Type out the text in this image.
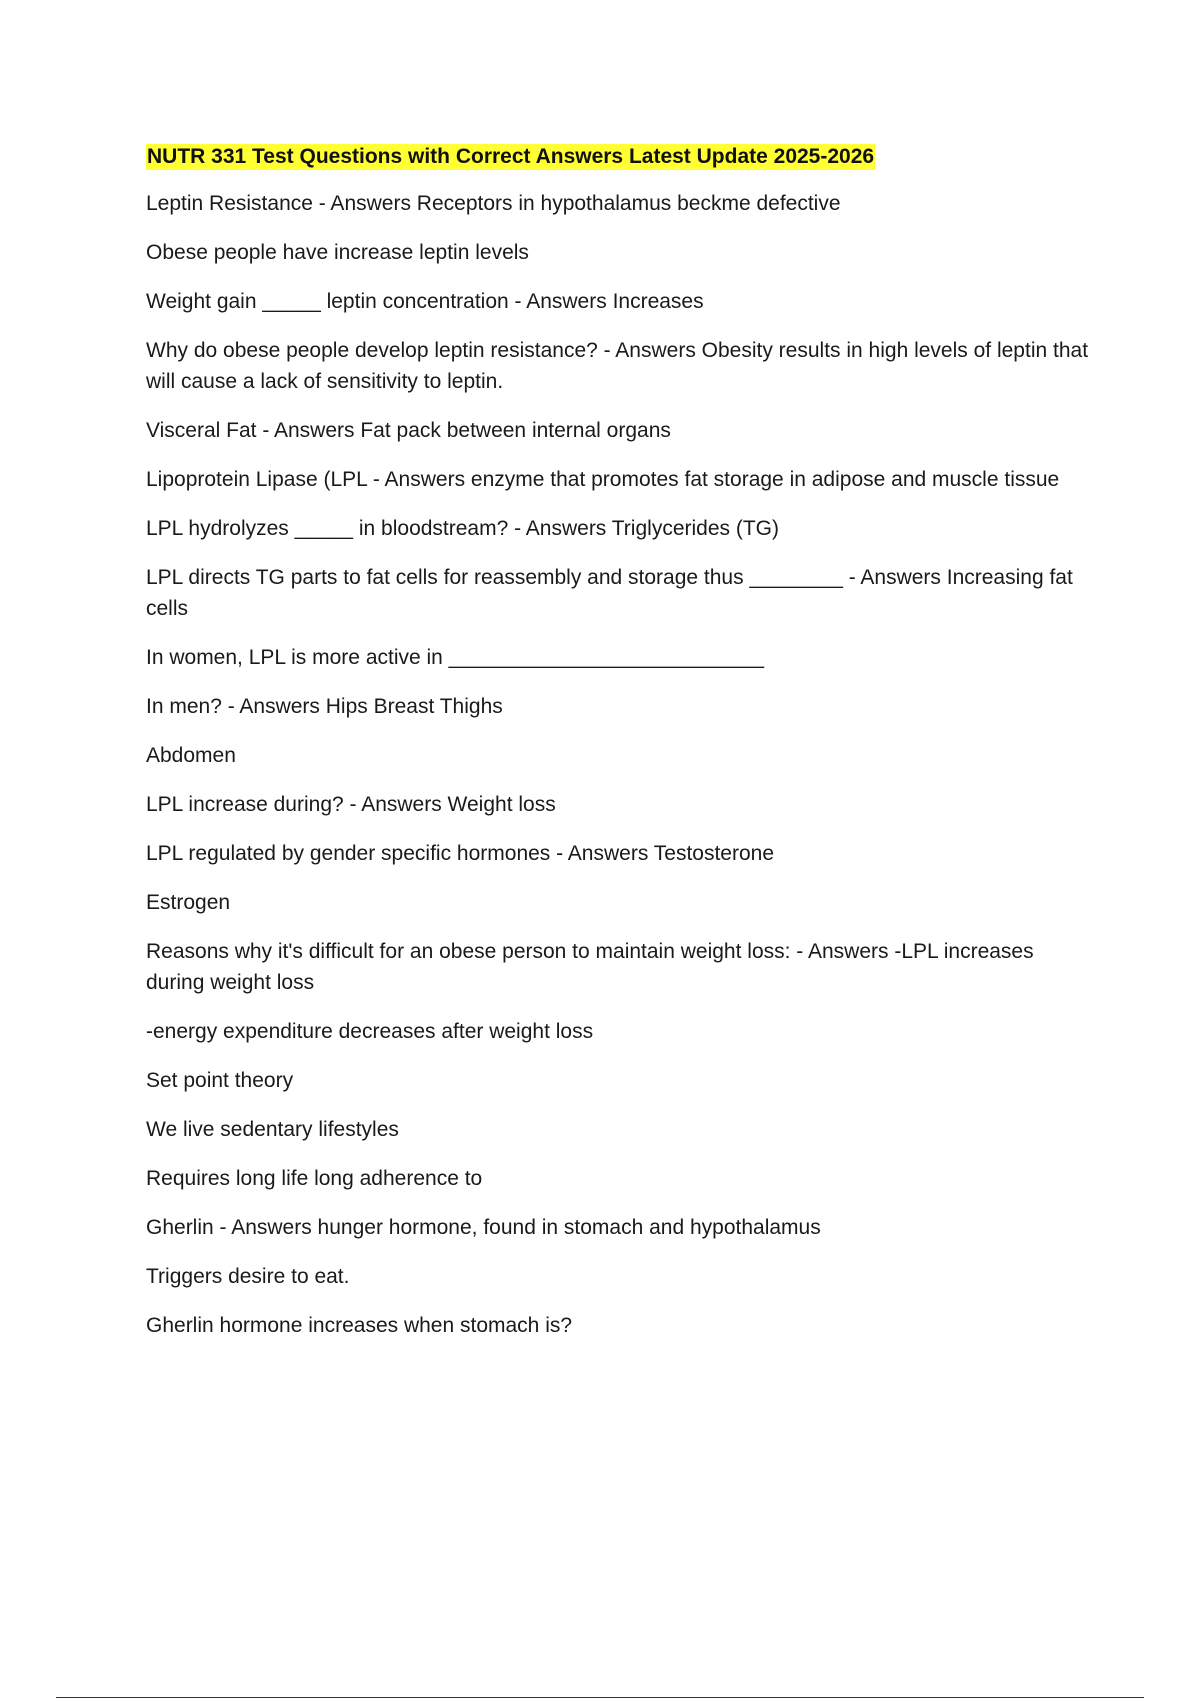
NUTR 331 Test Questions with Correct Answers Latest Update 2025-2026
Leptin Resistance - Answers Receptors in hypothalamus beckme defective
Obese people have increase leptin levels
Weight gain _____ leptin concentration - Answers Increases
Why do obese people develop leptin resistance? - Answers Obesity results in high levels of leptin that will cause a lack of sensitivity to leptin.
Visceral Fat - Answers Fat pack between internal organs
Lipoprotein Lipase (LPL - Answers enzyme that promotes fat storage in adipose and muscle tissue
LPL hydrolyzes _____ in bloodstream? - Answers Triglycerides (TG)
LPL directs TG parts to fat cells for reassembly and storage thus ________ - Answers Increasing fat cells
In women, LPL is more active in ___________________________
In men? - Answers Hips Breast Thighs
Abdomen
LPL increase during? - Answers Weight loss
LPL regulated by gender specific hormones - Answers Testosterone
Estrogen
Reasons why it's difficult for an obese person to maintain weight loss: - Answers -LPL increases during weight loss
-energy expenditure decreases after weight loss
Set point theory
We live sedentary lifestyles
Requires long life long adherence to
Gherlin - Answers hunger hormone, found in stomach and hypothalamus
Triggers desire to eat.
Gherlin hormone increases when stomach is?
